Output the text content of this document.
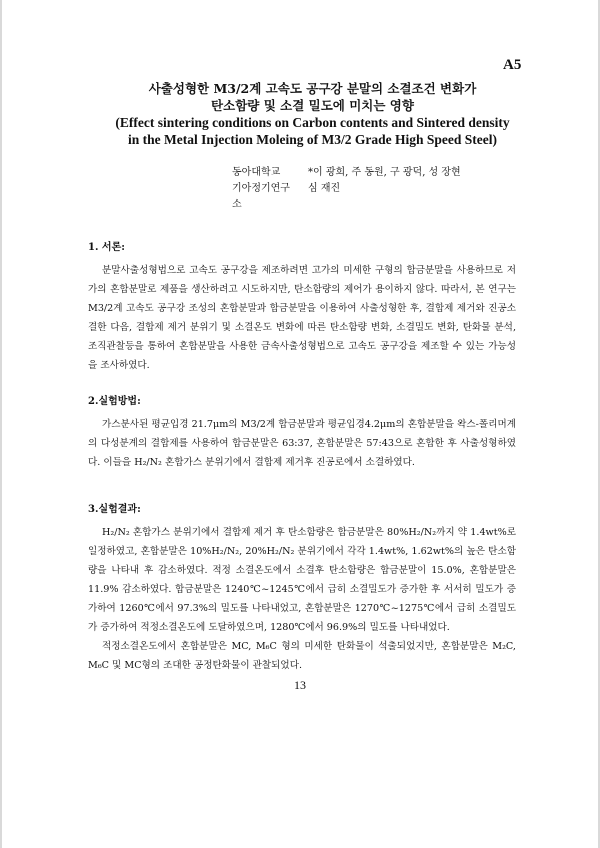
A5
사출성형한 M3/2계 고속도 공구강 분말의 소결조건 변화가
탄소함량 및 소결 밀도에 미치는 영향
(Effect sintering conditions on Carbon contents and Sintered density
in the Metal Injection Moleing of M3/2 Grade High Speed Steel)
동아대학교	*이 광희, 주 동원, 구 광덕, 성 장현
기아정기연구소
심 재진
1. 서론:

분말사출성형법으로 고속도 공구강을 제조하려면 고가의 미세한 구형의 합금분말을 사용하므로 저가의 혼합분말로 제품을 생산하려고 시도하지만, 탄소함량의 제어가 용이하지 않다. 따라서, 본 연구는 M3/2계 고속도 공구강 조성의 혼합분말과 합금분말을 이용하여 사출성형한 후, 결합제 제거와 진공소결한 다음, 결합제 제거 분위기 및 소결온도 변화에 따른 탄소함량 변화, 소결밀도 변화, 탄화물 분석, 조직관찰등을 통하여 혼합분말을 사용한 금속사출성형법으로 고속도 공구강을 제조할 수 있는 가능성을 조사하였다.

2.실험방법:

가스분사된 평균입경 21.7μm의 M3/2계 합금분말과 평균입경4.2μm의 혼합분말을 왁스-폴리머계의 다성분계의 결합제를 사용하여 합금분말은 63:37, 혼합분말은 57:43으로 혼합한 후 사출성형하였다. 이들을 H₂/N₂ 혼합가스 분위기에서 결합제 제거후 진공로에서 소결하였다.

3.실험결과:

H₂/N₂ 혼합가스 분위기에서 결합제 제거 후 탄소함량은 합금분말은 80%H₂/N₂까지 약 1.4wt%로 일정하였고, 혼합분말은 10%H₂/N₂, 20%H₂/N₂ 분위기에서 각각 1.4wt%, 1.62wt%의 높은 탄소함량을 나타내 후 감소하였다. 적정 소결온도에서 소결후 탄소함량은 합금분말이 15.0%, 혼합분말은 11.9% 감소하였다. 합금분말은 1240℃~1245℃에서 급히 소결밀도가 증가한 후 서서히 밀도가 증가하여 1260℃에서 97.3%의 밀도를 나타내었고, 혼합분말은 1270℃~1275℃에서 급히 소결밀도가 증가하여 적정소결온도에 도달하였으며, 1280℃에서 96.9%의 밀도를 나타내었다.

적정소결온도에서 혼합분말은 MC, M₆C 형의 미세한 탄화물이 석출되었지만, 혼합분말은 M₂C, M₆C 및 MC형의 조대한 공정탄화물이 관찰되었다.

13
